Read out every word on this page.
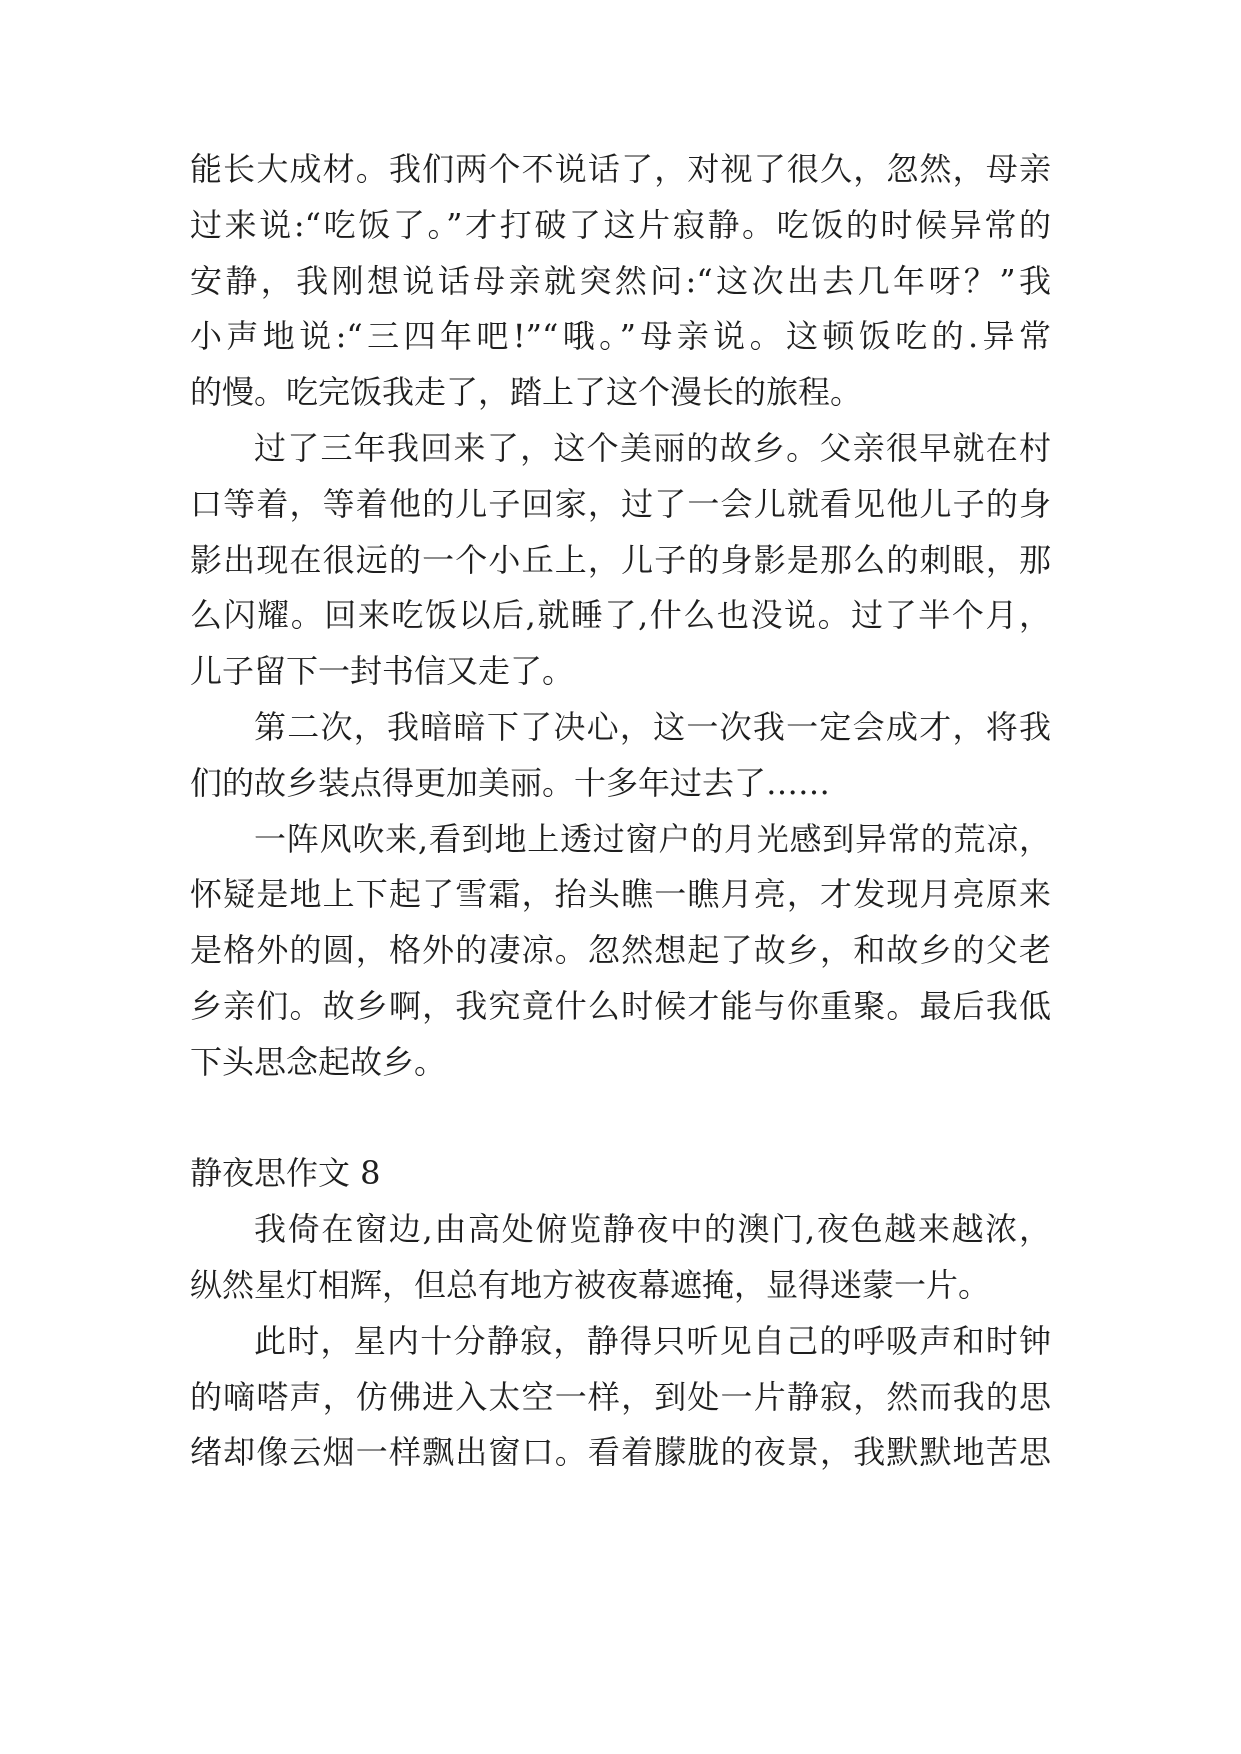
能长大成材。我们两个不说话了，对视了很久，忽然，母亲
过来说:“吃饭了。”才打破了这片寂静。吃饭的时候异常的
安静，我刚想说话母亲就突然问:“这次出去几年呀？”我
小声地说:“三四年吧!”“哦。”母亲说。这顿饭吃的.异常
的慢。吃完饭我走了，踏上了这个漫长的旅程。
过了三年我回来了，这个美丽的故乡。父亲很早就在村
口等着，等着他的儿子回家，过了一会儿就看见他儿子的身
影出现在很远的一个小丘上，儿子的身影是那么的刺眼，那
么闪耀。回来吃饭以后,就睡了,什么也没说。过了半个月，
儿子留下一封书信又走了。
第二次，我暗暗下了决心，这一次我一定会成才，将我
们的故乡装点得更加美丽。十多年过去了……
一阵风吹来,看到地上透过窗户的月光感到异常的荒凉，
怀疑是地上下起了雪霜，抬头瞧一瞧月亮，才发现月亮原来
是格外的圆，格外的凄凉。忽然想起了故乡，和故乡的父老
乡亲们。故乡啊，我究竟什么时候才能与你重聚。最后我低
下头思念起故乡。
静夜思作文 8
我倚在窗边,由高处俯览静夜中的澳门,夜色越来越浓，
纵然星灯相辉，但总有地方被夜幕遮掩，显得迷蒙一片。
此时，星内十分静寂，静得只听见自己的呼吸声和时钟
的嘀嗒声，仿佛进入太空一样，到处一片静寂，然而我的思
绪却像云烟一样飘出窗口。看着朦胧的夜景，我默默地苦思
